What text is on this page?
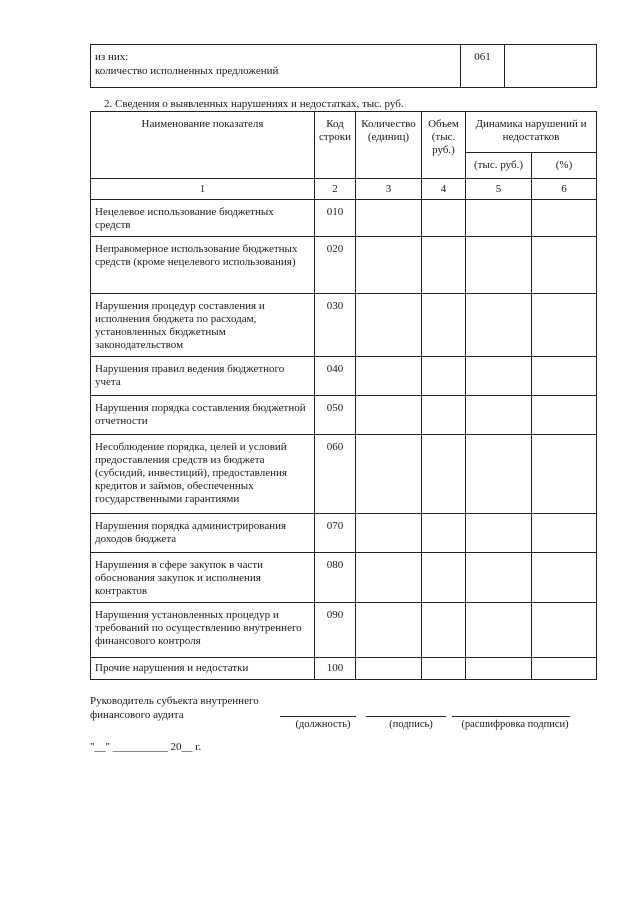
из них:
количество исполненных предложений
	061	
2. Сведения о выявленных нарушениях и недостатках, тыс. руб.
Наименование показателя	Код строки	Количество (единиц)	Объем (тыс. руб.)	Динамика нарушений и недостатков	
				(тыс. руб.)	(%)
1	2	3	4	5	6
Нецелевое использование бюджетных средств	010				
Неправомерное использование бюджетных средств (кроме нецелевого использования)	020				
Нарушения процедур составления и исполнения бюджета по расходам, установленных бюджетным законодательством	030				
Нарушения правил ведения бюджетного учета	040				
Нарушения порядка составления бюджетной отчетности	050				
Несоблюдение порядка, целей и условий предоставления средств из бюджета (субсидий, инвестиций), предоставления кредитов и займов, обеспеченных государственными гарантиями	060				
Нарушения порядка администрирования доходов бюджета	070				
Нарушения в сфере закупок в части обоснования закупок и исполнения контрактов	080				
Нарушения установленных процедур и требований по осуществлению внутреннего финансового контроля	090				
Прочие нарушения и недостатки	100				
Руководитель субъекта внутреннего финансового аудита
(должность)	(подпись)	(расшифровка подписи)
"__" __________ 20__ г.
